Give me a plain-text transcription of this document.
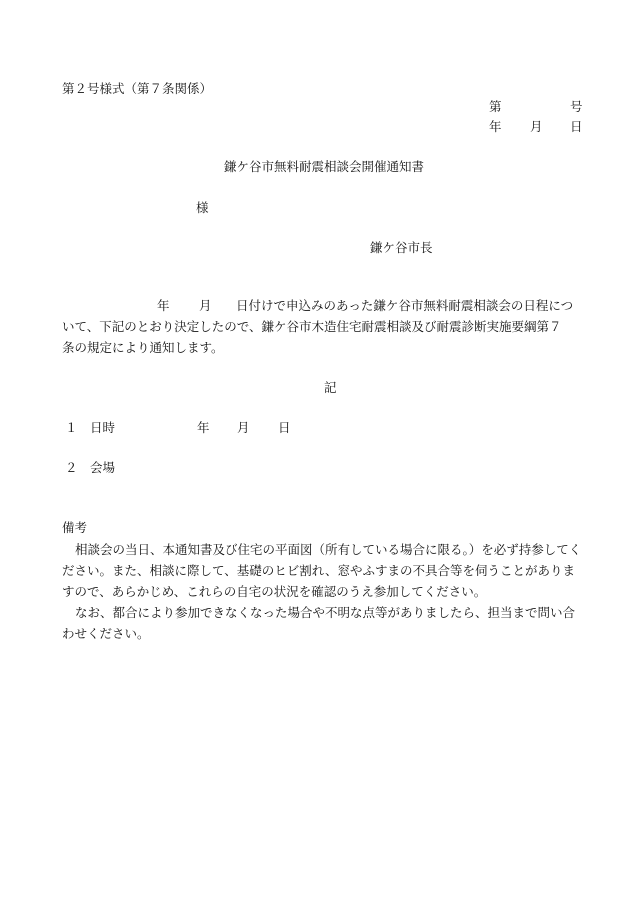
第２号様式（第７条関係）
第	号
年 月 日
鎌ケ谷市無料耐震相談会開催通知書
様
鎌ケ谷市長
年 月 日付けで申込みのあった鎌ケ谷市無料耐震相談会の日程につ
いて、下記のとおり決定したので、鎌ケ谷市木造住宅耐震相談及び耐震診断実施要綱第７
条の規定により通知します。
記
１ 日時	年 月 日
２ 会場
備考
相談会の当日、本通知書及び住宅の平面図（所有している場合に限る。）を必ず持参してください。また、相談に際して、基礎のヒビ割れ、窓やふすまの不具合等を伺うことがありますので、あらかじめ、これらの自宅の状況を確認のうえ参加してください。
なお、都合により参加できなくなった場合や不明な点等がありましたら、担当まで問い合わせください。
